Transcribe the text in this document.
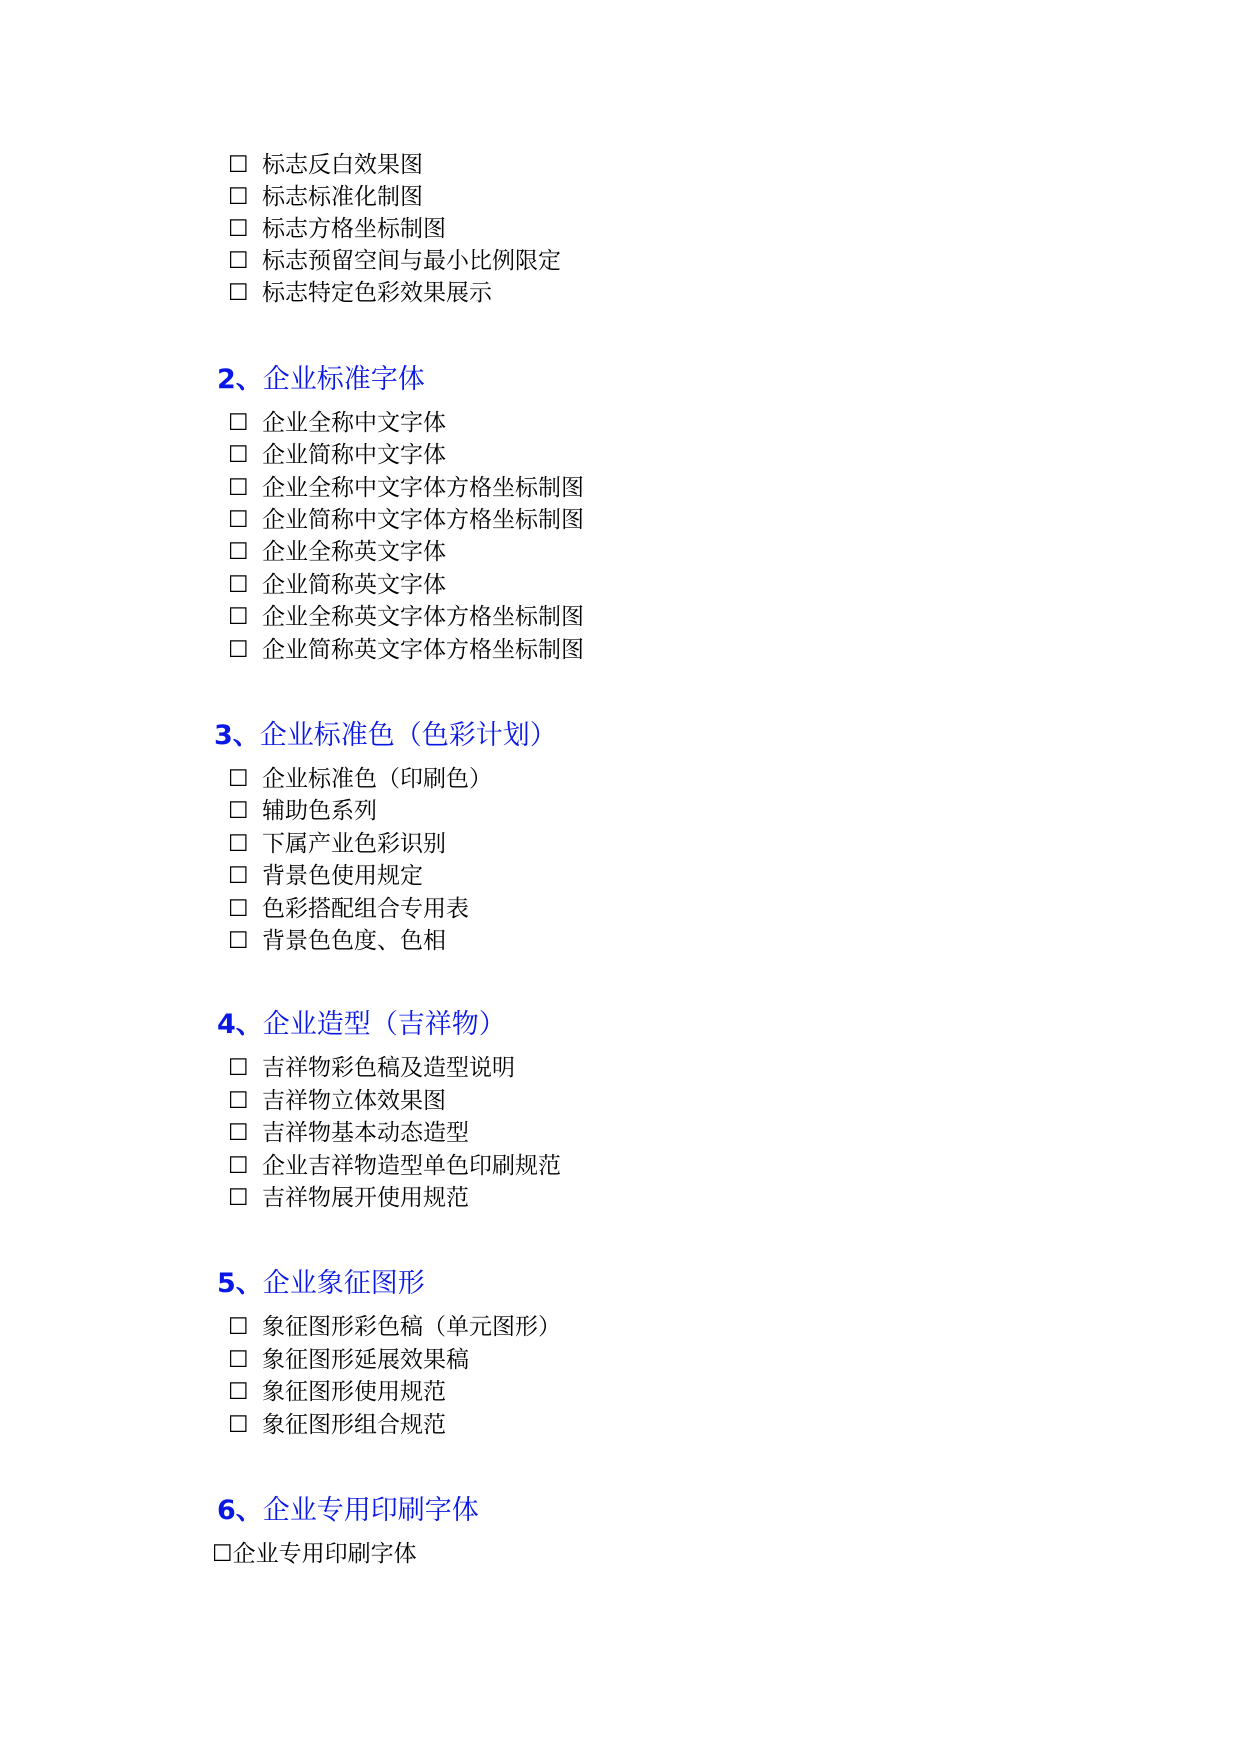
☐ 标志反白效果图
☐ 标志标准化制图
☐ 标志方格坐标制图
☐ 标志预留空间与最小比例限定
☐ 标志特定色彩效果展示
2、企业标准字体
☐ 企业全称中文字体
☐ 企业简称中文字体
☐ 企业全称中文字体方格坐标制图
☐ 企业简称中文字体方格坐标制图
☐ 企业全称英文字体
☐ 企业简称英文字体
☐ 企业全称英文字体方格坐标制图
☐ 企业简称英文字体方格坐标制图
3、企业标准色（色彩计划）
☐ 企业标准色（印刷色）
☐ 辅助色系列
☐ 下属产业色彩识别
☐ 背景色使用规定
☐ 色彩搭配组合专用表
☐ 背景色色度、色相
4、企业造型（吉祥物）
☐ 吉祥物彩色稿及造型说明
☐ 吉祥物立体效果图
☐ 吉祥物基本动态造型
☐ 企业吉祥物造型单色印刷规范
☐ 吉祥物展开使用规范
5、企业象征图形
☐ 象征图形彩色稿（单元图形）
☐ 象征图形延展效果稿
☐ 象征图形使用规范
☐ 象征图形组合规范
6、企业专用印刷字体
☐企业专用印刷字体
